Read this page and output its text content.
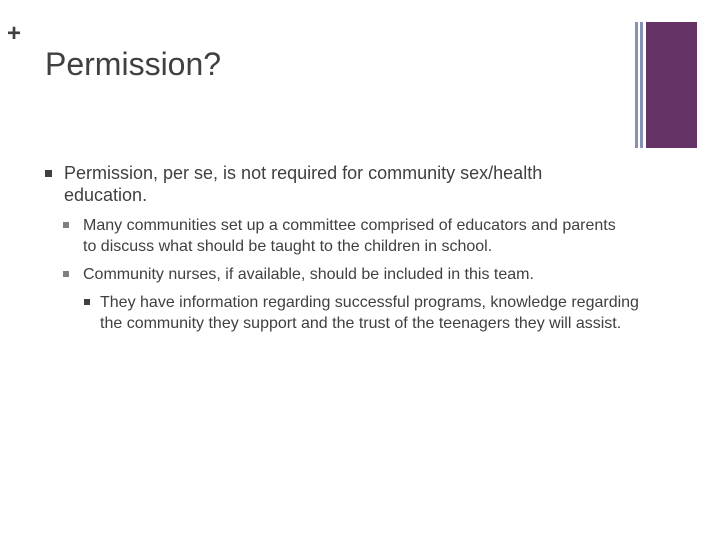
+
Permission?
Permission, per se, is not required for community sex/health education.
Many communities set up a committee comprised of educators and parents to discuss what should be taught to the children in school.
Community nurses, if available, should be included in this team.
They have information regarding successful programs, knowledge regarding the community they support and the trust of the teenagers they will assist.
